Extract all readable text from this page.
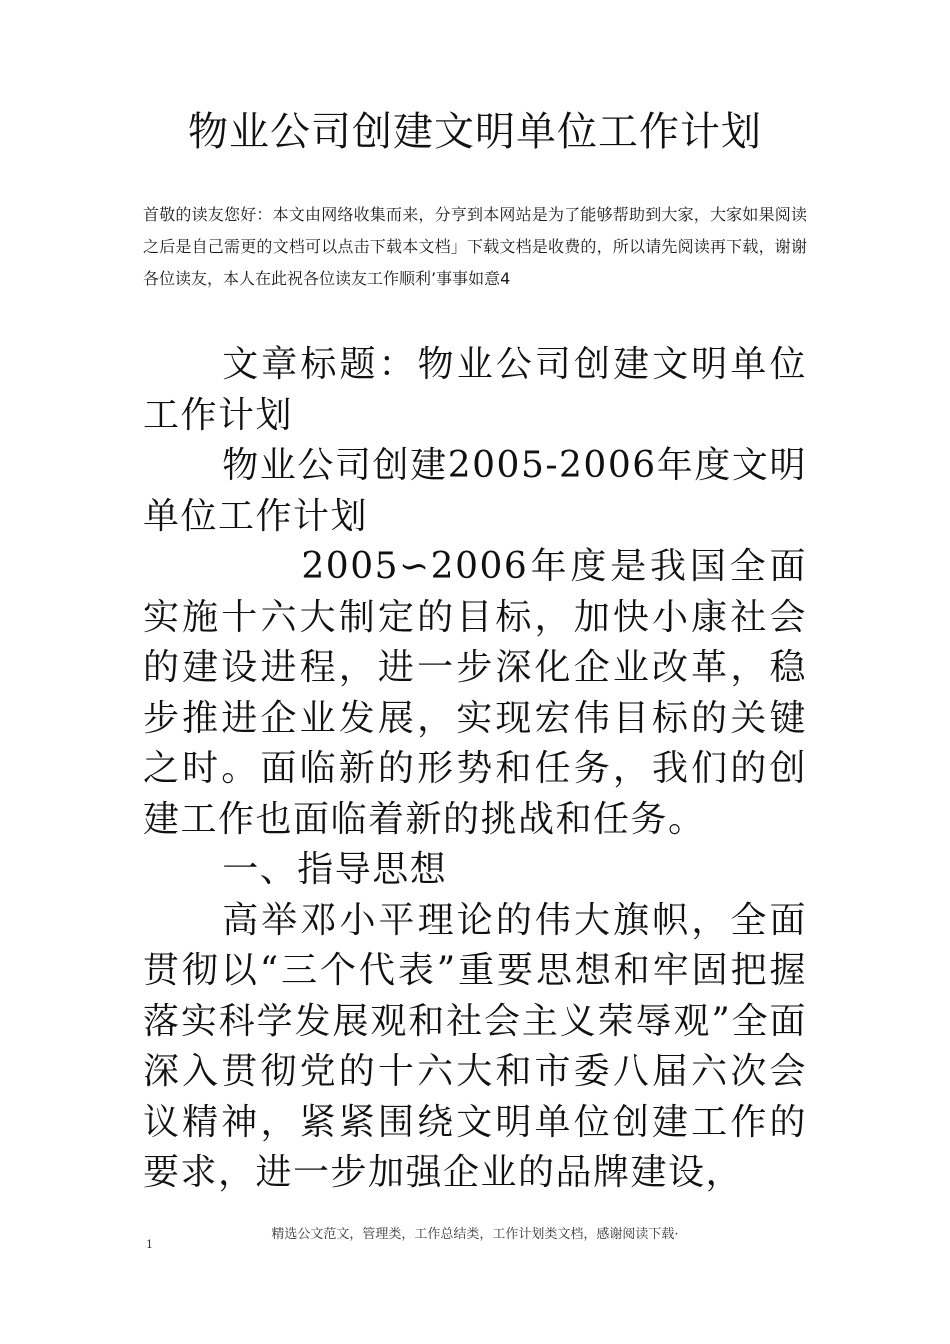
物业公司创建文明单位工作计划

首敬的读友您好：本文由网络收集而来，分亨到本网站是为了能够帮助到大家，大家如果阅读之后是自己需更的文档可以点击下载本文档」下载文档是收费的，所以请先阅读再下载，谢谢各位读友，本人在此祝各位读友工作顺利’事事如意4

文章标题：物业公司创建文明单位工作计划

物业公司创建2005-2006年度文明单位工作计划

2005∽2006年度是我国全面实施十六大制定的目标，加快小康社会的建设进程，进一步深化企业改革，稳步推进企业发展，实现宏伟目标的关键之时。面临新的形势和任务，我们的创建工作也面临着新的挑战和任务。

一、指导思想

高举邓小平理论的伟大旗帜，全面贯彻以“三个代表”重要思想和牢固把握落实科学发展观和社会主义荣辱观”全面深入贯彻党的十六大和市委八届六次会议精神，紧紧围绕文明单位创建工作的要求，进一步加强企业的品牌建设，

精选公文范文，管理类，工作总结类，工作计划类文档，感谢阅读下载·

1
